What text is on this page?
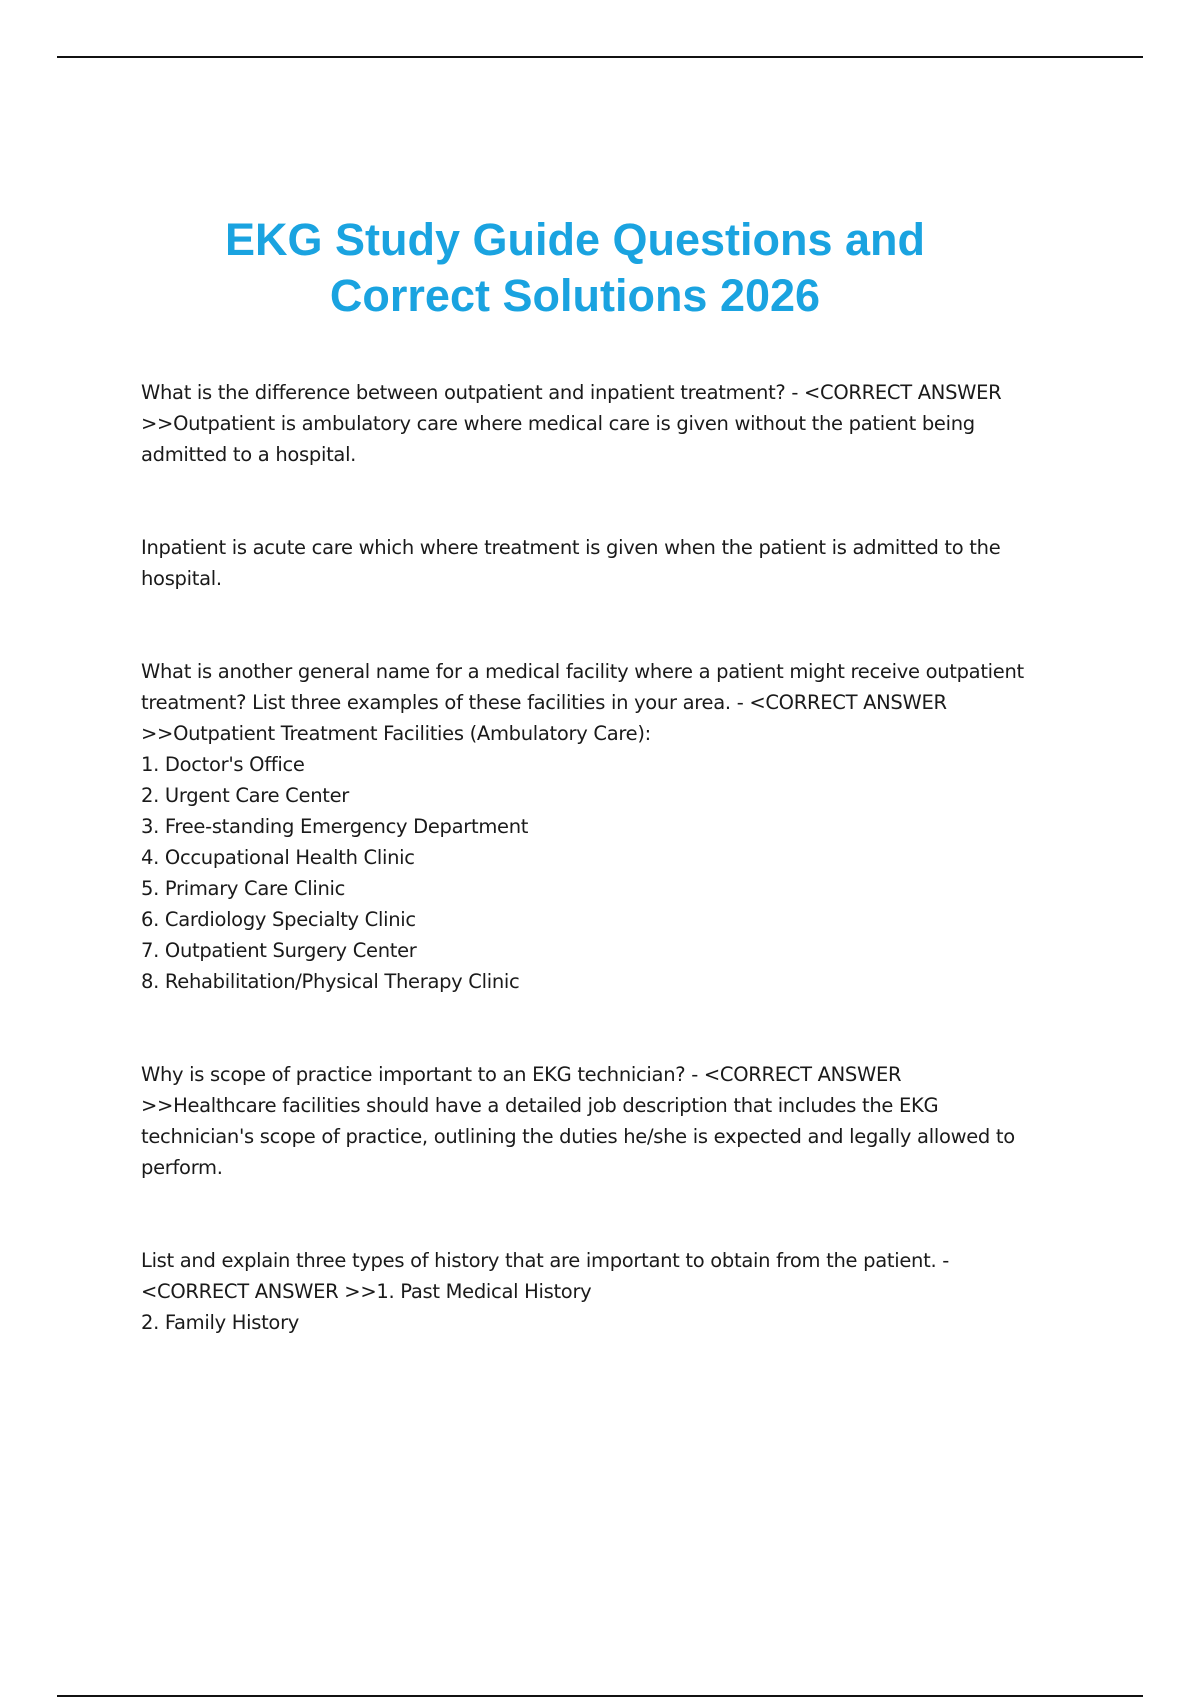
EKG Study Guide Questions and
Correct Solutions 2026

What is the difference between outpatient and inpatient treatment? - <CORRECT ANSWER >>Outpatient is ambulatory care where medical care is given without the patient being admitted to a hospital.

Inpatient is acute care which where treatment is given when the patient is admitted to the hospital.

What is another general name for a medical facility where a patient might receive outpatient treatment? List three examples of these facilities in your area. - <CORRECT ANSWER >>Outpatient Treatment Facilities (Ambulatory Care):

1. Doctor's Office

2. Urgent Care Center

3. Free-standing Emergency Department

4. Occupational Health Clinic

5. Primary Care Clinic

6. Cardiology Specialty Clinic

7. Outpatient Surgery Center

8. Rehabilitation/Physical Therapy Clinic

Why is scope of practice important to an EKG technician? - <CORRECT ANSWER >>Healthcare facilities should have a detailed job description that includes the EKG technician's scope of practice, outlining the duties he/she is expected and legally allowed to perform.

List and explain three types of history that are important to obtain from the patient. - <CORRECT ANSWER >>1. Past Medical History

2. Family History
